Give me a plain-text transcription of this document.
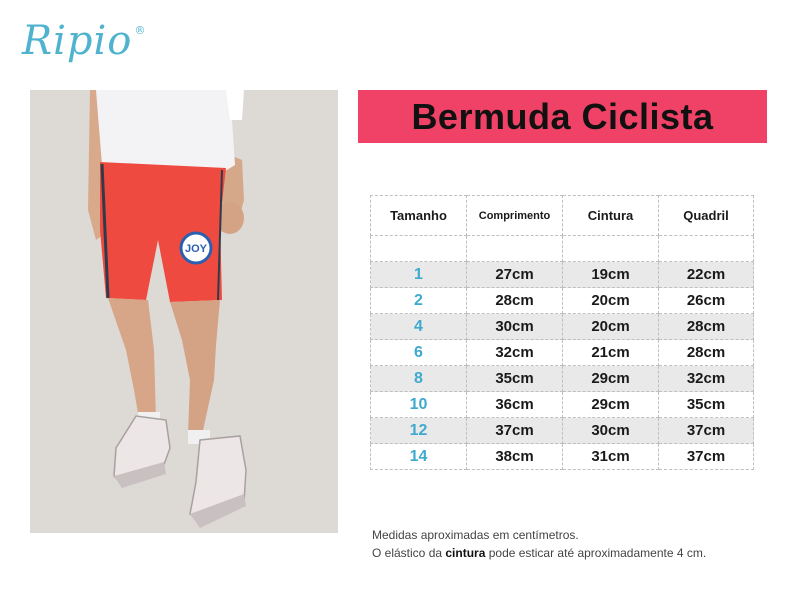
Ripio ®
JOY
Bermuda Ciclista
Tamanho	Comprimento	Cintura	Quadril

1	27cm	19cm	22cm
2	28cm	20cm	26cm
4	30cm	20cm	28cm
6	32cm	21cm	28cm
8	35cm	29cm	32cm
10	36cm	29cm	35cm
12	37cm	30cm	37cm
14	38cm	31cm	37cm
Medidas aproximadas em centímetros.
O elástico da cintura pode esticar até aproximadamente 4 cm.
